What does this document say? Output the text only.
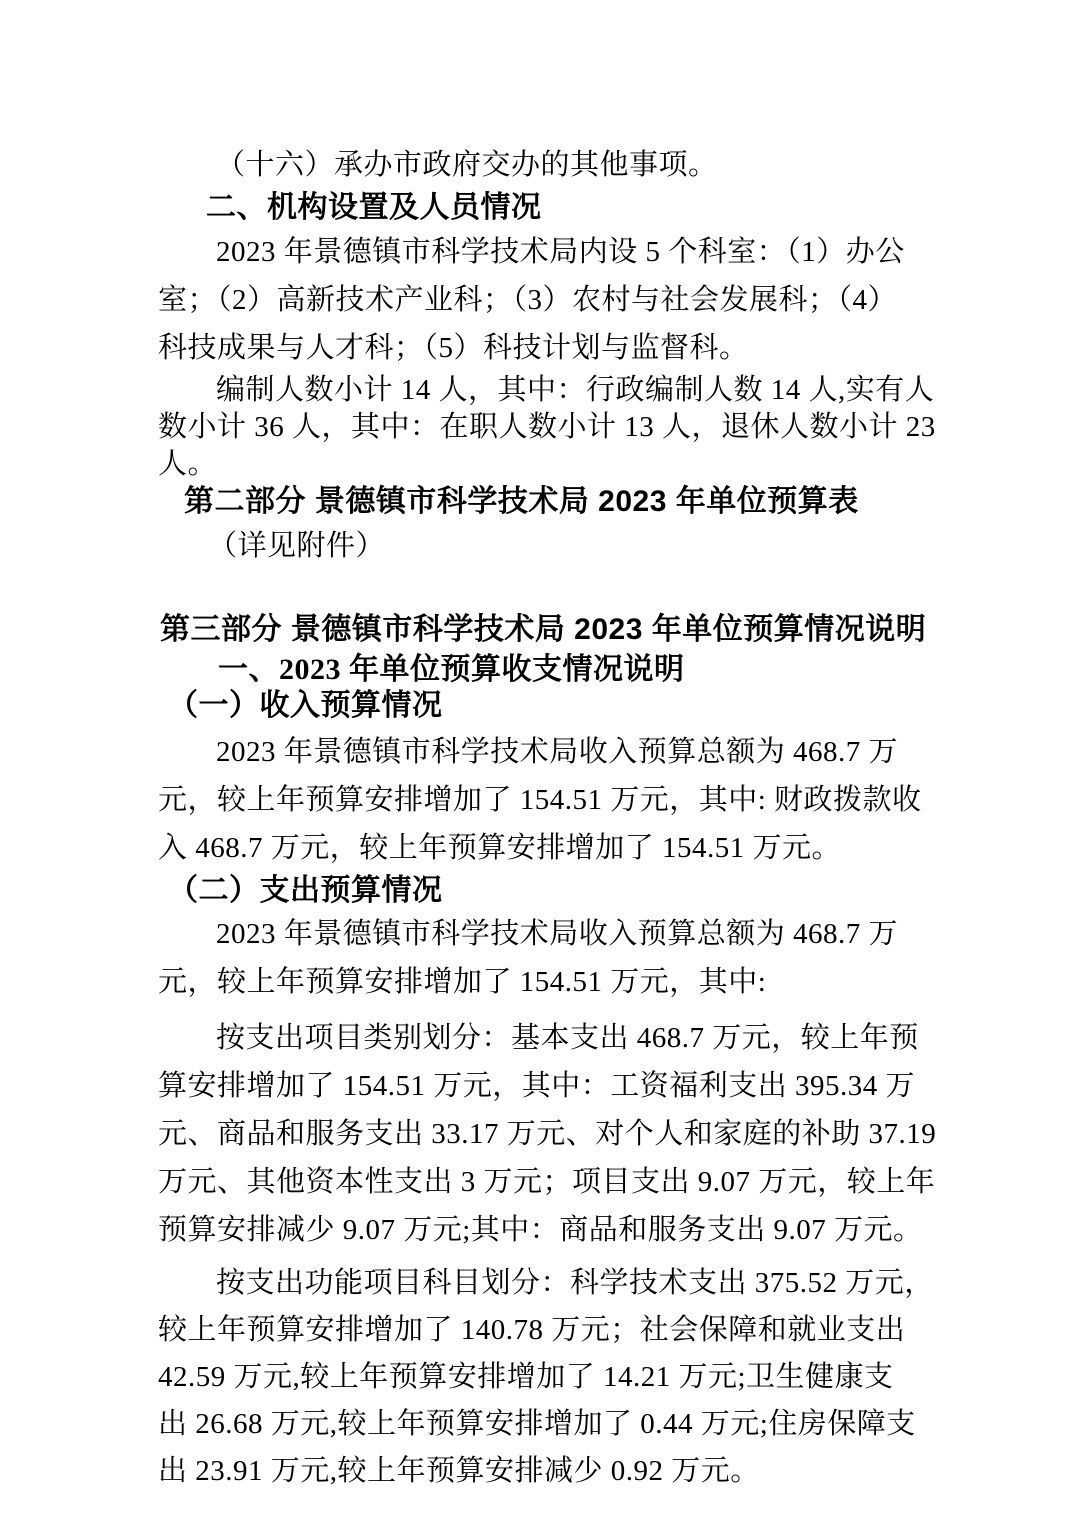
（十六）承办市政府交办的其他事项。
二、机构设置及人员情况
2023 年景德镇市科学技术局内设 5 个科室：（1）办公
室；（2）高新技术产业科；（3）农村与社会发展科；（4）
科技成果与人才科；（5）科技计划与监督科。
编制人数小计 14 人，其中：行政编制人数 14 人,实有人
数小计 36 人，其中：在职人数小计 13 人，退休人数小计 23
人。
第二部分 景德镇市科学技术局 2023 年单位预算表
（详见附件）
第三部分 景德镇市科学技术局 2023 年单位预算情况说明
一、2023 年单位预算收支情况说明
（一）收入预算情况
2023 年景德镇市科学技术局收入预算总额为 468.7 万
元，较上年预算安排增加了 154.51 万元，其中: 财政拨款收
入 468.7 万元，较上年预算安排增加了 154.51 万元。
（二）支出预算情况
2023 年景德镇市科学技术局收入预算总额为 468.7 万
元，较上年预算安排增加了 154.51 万元，其中:
按支出项目类别划分：基本支出 468.7 万元，较上年预
算安排增加了 154.51 万元，其中：工资福利支出 395.34 万
元、商品和服务支出 33.17 万元、对个人和家庭的补助 37.19
万元、其他资本性支出 3 万元；项目支出 9.07 万元，较上年
预算安排减少 9.07 万元;其中：商品和服务支出 9.07 万元。
按支出功能项目科目划分：科学技术支出 375.52 万元，
较上年预算安排增加了 140.78 万元；社会保障和就业支出
42.59 万元,较上年预算安排增加了 14.21 万元;卫生健康支
出 26.68 万元,较上年预算安排增加了 0.44 万元;住房保障支
出 23.91 万元,较上年预算安排减少 0.92 万元。
